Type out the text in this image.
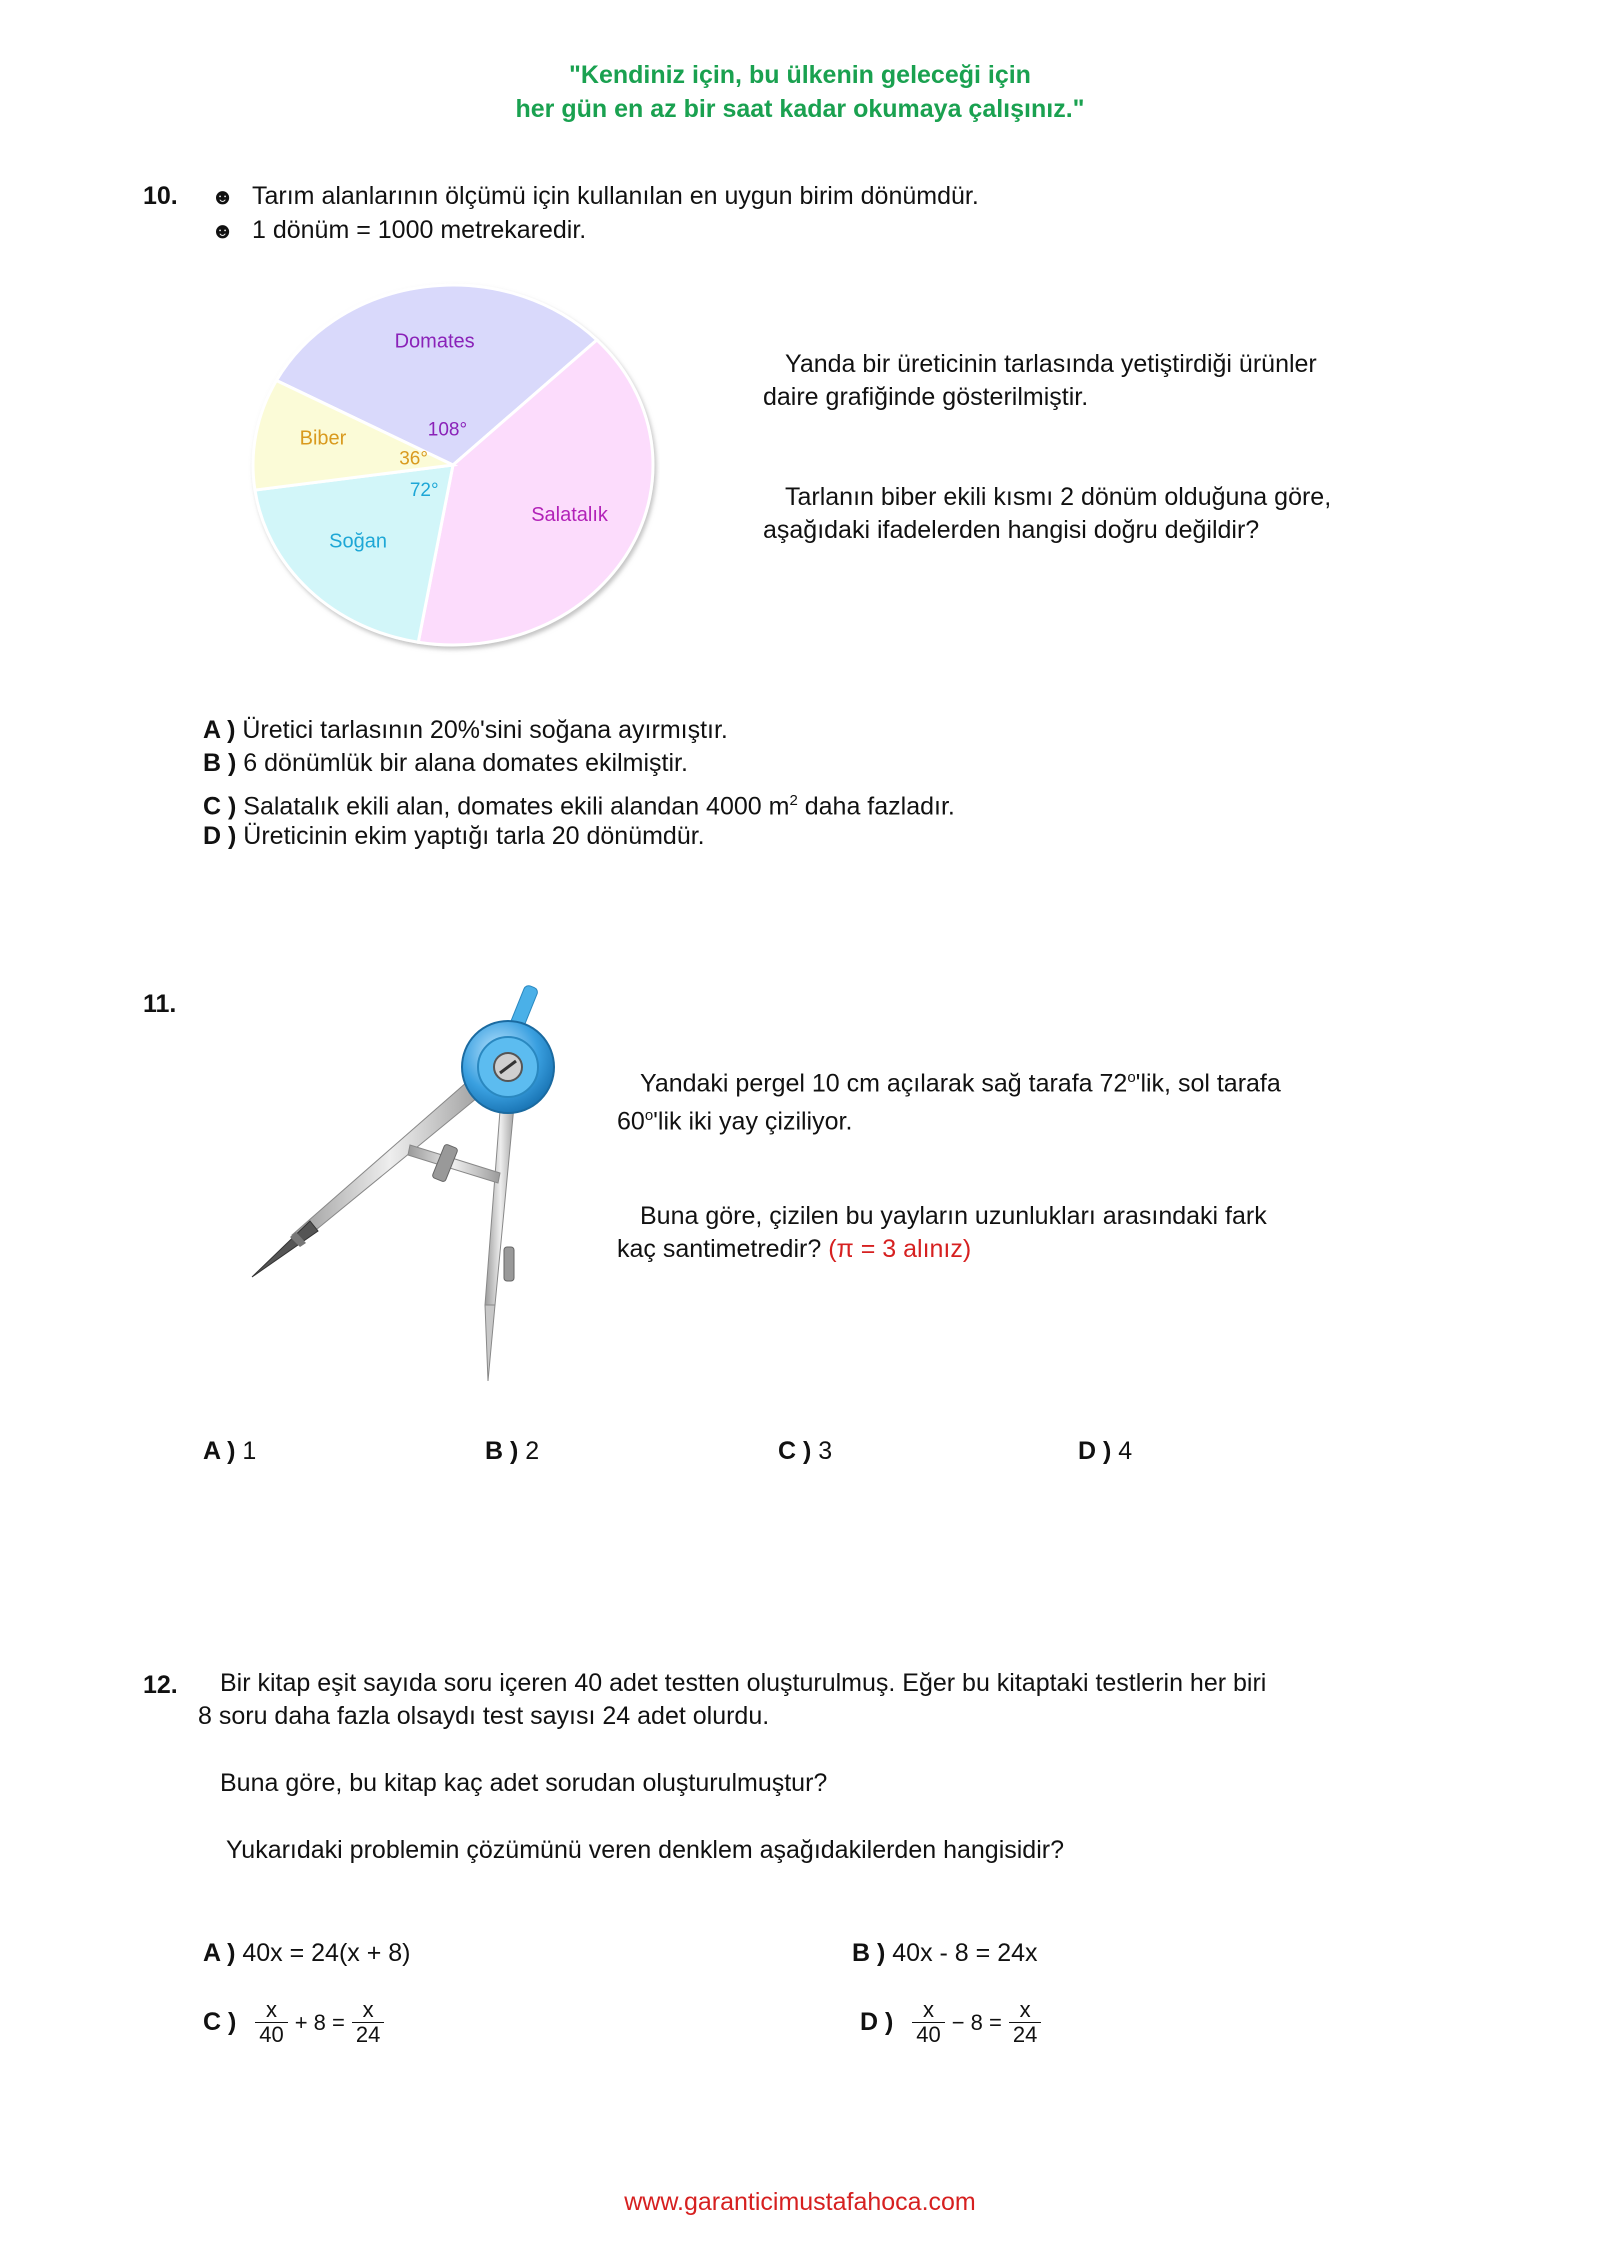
"Kendiniz için, bu ülkenin geleceği için
her gün en az bir saat kadar okumaya çalışınız."
10. ☻ Tarım alanlarının ölçümü için kullanılan en uygun birim dönümdür.
☻ 1 dönüm = 1000 metrekaredir.
Domates
108°
Salatalık
Soğan
72°
Biber
36°
Yanda bir üreticinin tarlasında yetiştirdiği ürünler
daire grafiğinde gösterilmiştir.
Tarlanın biber ekili kısmı 2 dönüm olduğuna göre,
aşağıdaki ifadelerden hangisi doğru değildir?
A ) Üretici tarlasının 20%'sini soğana ayırmıştır.
B ) 6 dönümlük bir alana domates ekilmiştir.
C ) Salatalık ekili alan, domates ekili alandan 4000 $m^2$ daha fazladır.
D ) Üreticinin ekim yaptığı tarla 20 dönümdür.
11.
Yandaki pergel 10 cm açılarak sağ tarafa 72$^o$'lik, sol tarafa
60$^o$'lik iki yay çiziliyor.
Buna göre, çizilen bu yayların uzunlukları arasındaki fark
kaç santimetredir? (π = 3 alınız)
A ) 1	B ) 2	C ) 3	D ) 4
12. Bir kitap eşit sayıda soru içeren 40 adet testten oluşturulmuş. Eğer bu kitaptaki testlerin her biri
8 soru daha fazla olsaydı test sayısı 24 adet olurdu.
Buna göre, bu kitap kaç adet sorudan oluşturulmuştur?
Yukarıdaki problemin çözümünü veren denklem aşağıdakilerden hangisidir?
A ) 40x = 24(x + 8)	B ) 40x - 8 = 24x
C ) $\frac{x}{40} + 8 = \frac{x}{24}$	D ) $\frac{x}{40} - 8 = \frac{x}{24}$
www.garanticimustafahoca.com
